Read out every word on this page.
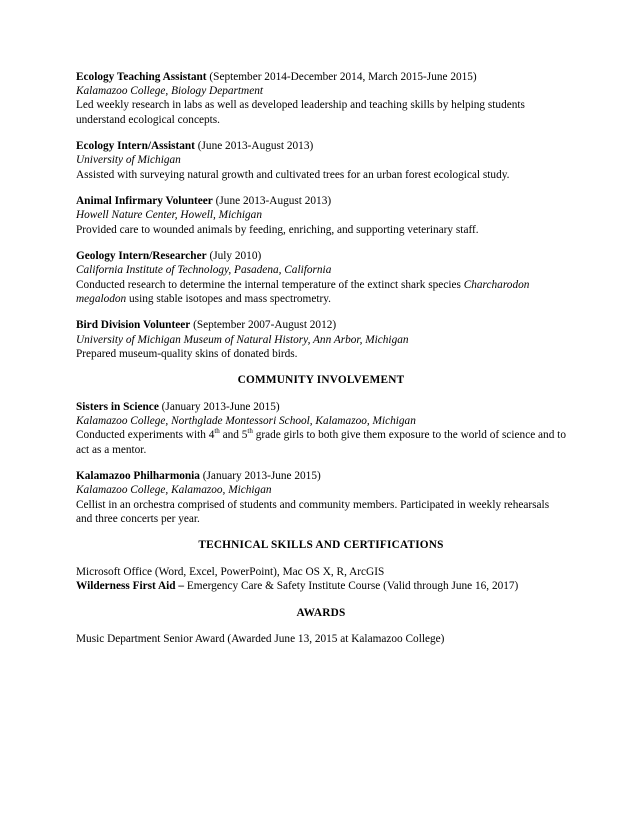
Ecology Teaching Assistant (September 2014-December 2014, March 2015-June 2015)
Kalamazoo College, Biology Department

Led weekly research in labs as well as developed leadership and teaching skills by helping students understand ecological concepts.

Ecology Intern/Assistant (June 2013-August 2013)
University of Michigan

Assisted with surveying natural growth and cultivated trees for an urban forest ecological study.

Animal Infirmary Volunteer (June 2013-August 2013)
Howell Nature Center, Howell, Michigan

Provided care to wounded animals by feeding, enriching, and supporting veterinary staff.

Geology Intern/Researcher (July 2010)
California Institute of Technology, Pasadena, California

Conducted research to determine the internal temperature of the extinct shark species Charcharodon megalodon using stable isotopes and mass spectrometry.

Bird Division Volunteer (September 2007-August 2012)
University of Michigan Museum of Natural History, Ann Arbor, Michigan

Prepared museum-quality skins of donated birds.

COMMUNITY INVOLVEMENT
Sisters in Science (January 2013-June 2015)
Kalamazoo College, Northglade Montessori School, Kalamazoo, Michigan

Conducted experiments with 4th and 5th grade girls to both give them exposure to the world of science and to act as a mentor.

Kalamazoo Philharmonia (January 2013-June 2015)
Kalamazoo College, Kalamazoo, Michigan

Cellist in an orchestra comprised of students and community members. Participated in weekly rehearsals and three concerts per year.

TECHNICAL SKILLS AND CERTIFICATIONS
Microsoft Office (Word, Excel, PowerPoint), Mac OS X, R, ArcGIS
Wilderness First Aid – Emergency Care & Safety Institute Course (Valid through June 16, 2017)
AWARDS
Music Department Senior Award (Awarded June 13, 2015 at Kalamazoo College)
